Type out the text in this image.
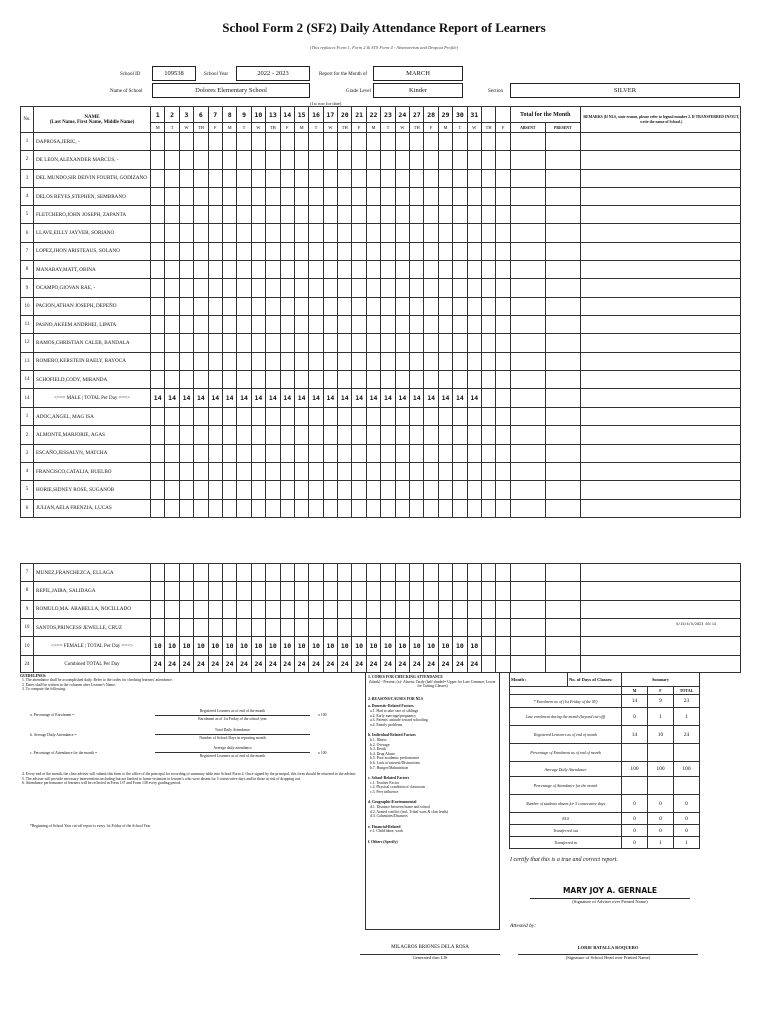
School Form 2 (SF2) Daily Attendance Report of Learners
(This replaces Form 1, Form 2 & STS Form 4 - Absenteeism and Dropout Profile)
School ID	109538	School Year	2022 - 2023	Report for the Month of	MARCH
Name of School	Dolores Elementary School	Grade Level	Kinder	Section	SILVER
(1st row for date)
No.	NAME
(Last Name, First Name, Middle Name)	1	2	3	6	7	8	9	10	13	14	15	16	17	20	21	22	23	24	27	28	29	30	31			Total for the Month		REMARKS (If NLS, state reason, please refer to legend number 2. If TRANSFERRED IN/OUT, write the name of School.)
		M	T	W	TH	F	M	T	W	TH	F	M	T	W	TH	F	M	T	W	TH	F	M	T	W	TH	F	ABSENT	PRESENT	
1	DAPROSA,JERIC, -																												
2	DE LEON,ALEXANDER MARCUS, -																												
3	DEL MUNDO,SIR DEIVIN FOURTH, GODIZANO																												
4	DELOS REYES,STEPHEN, SEMBRANO																												
5	FLETCHERO,JOHN JOSEPH, ZAPANTA																												
6	LLAVE,EILLY JAYVER, SORIANO																												
7	LOPEZ,JHON ARISTEAUS, SOLANO																												
8	MANABAY,MATT, OBINA																												
9	OCAMPO,GIOVAN RAE, -																												
10	PACION,ATHAN JOSEPH, DEPEÑO																												
11	PASNO,AKEEM ANDRHEI, LIPATA																												
12	RAMOS,CHRISTIAN CALEB, BANDALA																												
13	ROMERO,KERSTEIN BAELY, BAYOCA																												
14	SCHOFIELD,CODY, MIRANDA																												
14	<=== MALE | TOTAL Per Day ===>	14	14	14	14	14	14	14	14	14	14	14	14	14	14	14	14	14	14	14	14	14	14	14					
1	ADOC,ANGEL, MAG ISA																												
2	ALMONTE,MARJORIE, AGAS																												
3	ESCAÑO,JESSALYN, MATCHA																												
4	FRANCISCO,CATALIA, BUELBO																												
5	HORIE,SIDNEY ROSE, SUGANOB																												
6	JULIAN,AELA FRENZIA, LUCAS																												
7	MUNEZ,FRANCHEZCA, ELLAGA																												
8	REPIL,JAIRA, SALIDAGA																												
9	ROMULO,MA. ARABELLA, NOCILLADO																												
10	SANTOS,PRINCESS JEWELLE, CRUZ																												
10	<=== FEMALE | TOTAL Per Day ===>	10	10	10	10	10	10	10	10	10	10	10	10	10	10	10	10	10	10	10	10	10	10	10					
24	Combined TOTAL Per Day	24	24	24	24	24	24	24	24	24	24	24	24	24	24	24	24	24	24	24	24	24	24	24					
5/15/4/5/2023 03:14
GUIDELINES:
1. The attendance shall be accomplished daily. Refer to the codes for checking learners' attendance.
2. Dates shall be written in the columns after Learner's Name.
3. To compute the following:
a. Percentage of Enrolment =
Registered Learners as of end of the month
Enrolment as of 1st Friday of the school year
x 100
b. Average Daily Attendance =
Total Daily Attendance
Number of School Days in reporting month
c. Percentage of Attendance for the month =
Average daily attendance
Registered Learners as of end of the month
x 100
4. Every end of the month, the class adviser will submit this form to the office of the principal for recording of summary table into School Form 4. Once signed by the principal, this form should be returned to the adviser.
5. The adviser will provide necessary interventions including but not limited to home visitation to learner's who were absent for 5 consecutive days and/or those at risk of dropping out.
6. Attendance performance of learners will be reflected in Form 137 and Form 138 every grading period.
*Beginning of School Year cut-off report is every 1st Friday of the School Year
1. CODES FOR CHECKING ATTENDANCE
(blank) - Present; (x)- Absent; Tardy (half shaded= Upper for Late Commer, Lower for Cutting Classes)
2. REASONS/CAUSES FOR NLS
a. Domestic-Related Factors
a.1. Had to take care of siblings
a.2. Early marriage/pregnancy
a.3. Parents' attitude toward schooling
a.4. Family problems
b. Individual-Related Factors
b.1. Illness
b.2. Overage
b.3. Death
b.4. Drug Abuse
b.5. Poor academic performance
b.6. Lack of interest/Distractions
b.7. Hunger/Malnutrition
c. School-Related Factors
c.1. Teacher Factor
c.2. Physical condition of classroom
c.3. Peer influence
d. Geographic/Environmental
d.1. Distance between home and school
d.2. Armed conflict (incl. Tribal wars & clan feuds)
d.3. Calamities/Disasters
e. Financial-Related
e.1. Child labor, work
f. Others (Specify)
Month :	No. of Days of Classes:	Summary		
		M	F	TOTAL
* Enrolment as of (1st Friday of the SY)		14	9	23
Late enrolment during the month (beyond cut-off)		0	1	1
Registered Learners as of end of month		14	10	24
Percentage of Enrolment as of end of month				
Average Daily Attendance		100	100	100
Percentage of Attendance for the month				
Number of students absent for 5 consecutive days		0	0	0
NLS		0	0	0
Transferred out		0	0	0
Transferred in		0	1	1
I certify that this is a true and correct report.
MARY JOY A. GERNALE
(Signature of Adviser over Printed Name)
Attested by:
MILAGROS BRIONES DELA ROSA
Generated thru LIS
LORIE BATALLA ROQUERO
(Signature of School Head over Printed Name)
